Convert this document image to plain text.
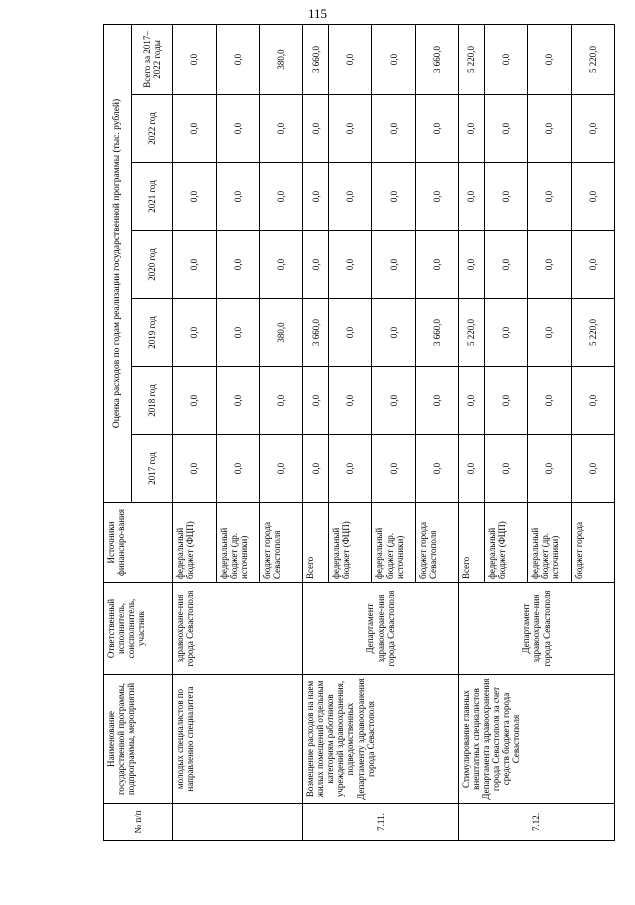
115
№ п/п	Наименование государственной программы, подпрограммы, мероприятий	Ответственный исполнитель, соисполнитель, участник	Источники финансиро-вания	Оценка расходов по годам реализации государственной программы (тыс. рублей)						
				2017 год	2018 год	2019 год	2020 год	2021 год	2022 год	Всего за 2017–2022 годы
	молодых специалистов по направлению специалитета	здравоохране-ния города Севастополя	федеральный бюджет (ФЦП)	0,0	0,0	0,0	0,0	0,0	0,0	0,0
			федеральный бюджет (др. источники)	0,0	0,0	0,0	0,0	0,0	0,0	0,0
			бюджет города Севастополя	0,0	0,0	380,0	0,0	0,0	0,0	380,0
7.11.	Возмещение расходов на наем жилых помещений отдельным категориям работников учреждений здравоохранения, подведомственных Департаменту здравоохранения города Севастополя	Департамент здравоохране-ния города Севастополя	Всего	0,0	0,0	3 660,0	0,0	0,0	0,0	3 660,0
			федеральный бюджет (ФЦП)	0,0	0,0	0,0	0,0	0,0	0,0	0,0
			федеральный бюджет (др. источники)	0,0	0,0	0,0	0,0	0,0	0,0	0,0
			бюджет города Севастополя	0,0	0,0	3 660,0	0,0	0,0	0,0	3 660,0
7.12.	Стимулирование главных внештатных специалистов Департамента здравоохранения города Севастополя за счет средств бюджета города Севастополя	Департамент здравоохране-ния города Севастополя	Всего	0,0	0,0	5 220,0	0,0	0,0	0,0	5 220,0
			федеральный бюджет (ФЦП)	0,0	0,0	0,0	0,0	0,0	0,0	0,0
			федеральный бюджет (др. источники)	0,0	0,0	0,0	0,0	0,0	0,0	0,0
			бюджет города	0,0	0,0	5 220,0	0,0	0,0	0,0	5 220,0
